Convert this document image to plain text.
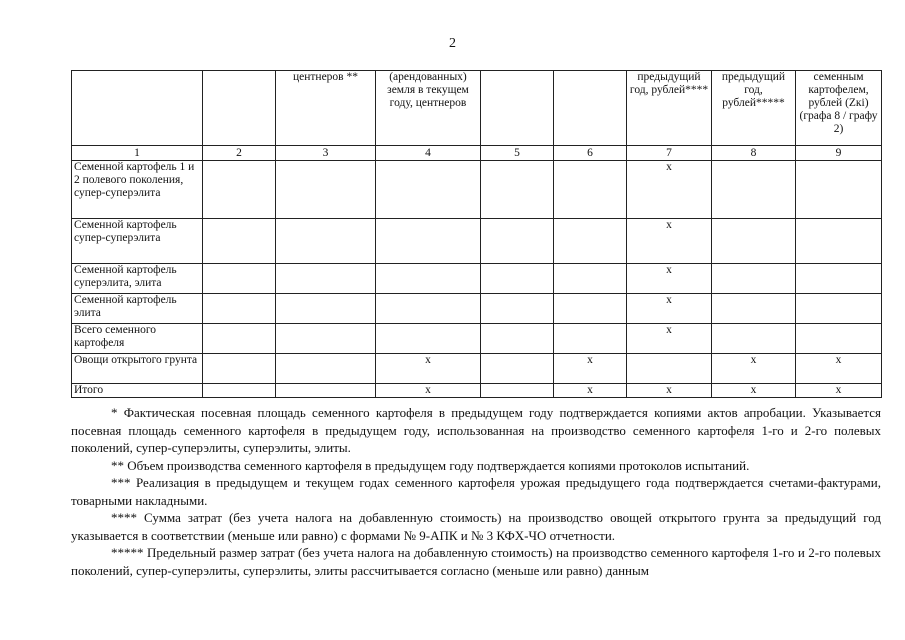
2
		центнеров **	(арендованных) земля в текущем году, центнеров			предыдущий год, рублей****	предыдущий год, рублей*****	семенным картофелем, рублей (Zкi) (графа 8 / графу 2)
1	2	3	4	5	6	7	8	9
Семенной картофель 1 и 2 полевого поколения, супер-суперэлита						х		
Семенной картофель супер-суперэлита						х		
Семенной картофель суперэлита, элита						х		
Семенной картофель элита						х		
Всего семенного картофеля						х		
Овощи открытого грунта			х		х		х	х
Итого			х		х	х	х	х

* Фактическая посевная площадь семенного картофеля в предыдущем году подтверждается копиями актов апробации. Указывается посевная площадь семенного картофеля в предыдущем году, использованная на производство семенного картофеля 1-го и 2-го полевых поколений, супер-суперэлиты, суперэлиты, элиты.

** Объем производства семенного картофеля в предыдущем году подтверждается копиями протоколов испытаний.

*** Реализация в предыдущем и текущем годах семенного картофеля урожая предыдущего года подтверждается счетами-фактурами, товарными накладными.

**** Сумма затрат (без учета налога на добавленную стоимость) на производство овощей открытого грунта за предыдущий год указывается в соответствии (меньше или равно) с формами № 9-АПК и № 3 КФХ-ЧО отчетности.

***** Предельный размер затрат (без учета налога на добавленную стоимость) на производство семенного картофеля 1-го и 2-го полевых поколений, супер-суперэлиты, суперэлиты, элиты рассчитывается согласно (меньше или равно) данным
